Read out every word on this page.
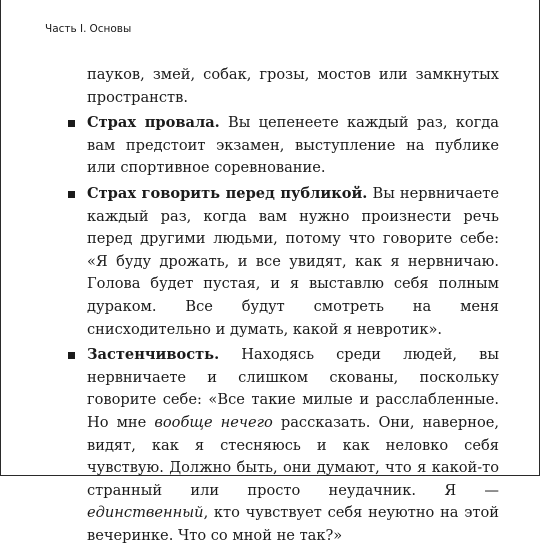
Часть I. Основы

пауков, змей, собак, грозы, мостов или замкнутых пространств.

Страх провала. Вы цепенеете каждый раз, когда вам предстоит экзамен, выступление на публике или спортивное соревнование.
Страх говорить перед публикой. Вы нервничаете каждый раз, когда вам нужно произнести речь перед другими людьми, потому что говорите себе: «Я буду дрожать, и все увидят, как я нервничаю. Голова будет пустая, и я выставлю себя полным дураком. Все будут смотреть на меня снисходительно и думать, какой я невротик».
Застенчивость. Находясь среди людей, вы нервничаете и слишком скованы, поскольку говорите себе: «Все такие милые и расслабленные. Но мне вообще нечего рассказать. Они, наверное, видят, как я стесняюсь и как неловко себя чувствую. Должно быть, они думают, что я какой-то странный или просто неудачник. Я — единственный, кто чувствует себя неуютно на этой вечеринке. Что со мной не так?»
